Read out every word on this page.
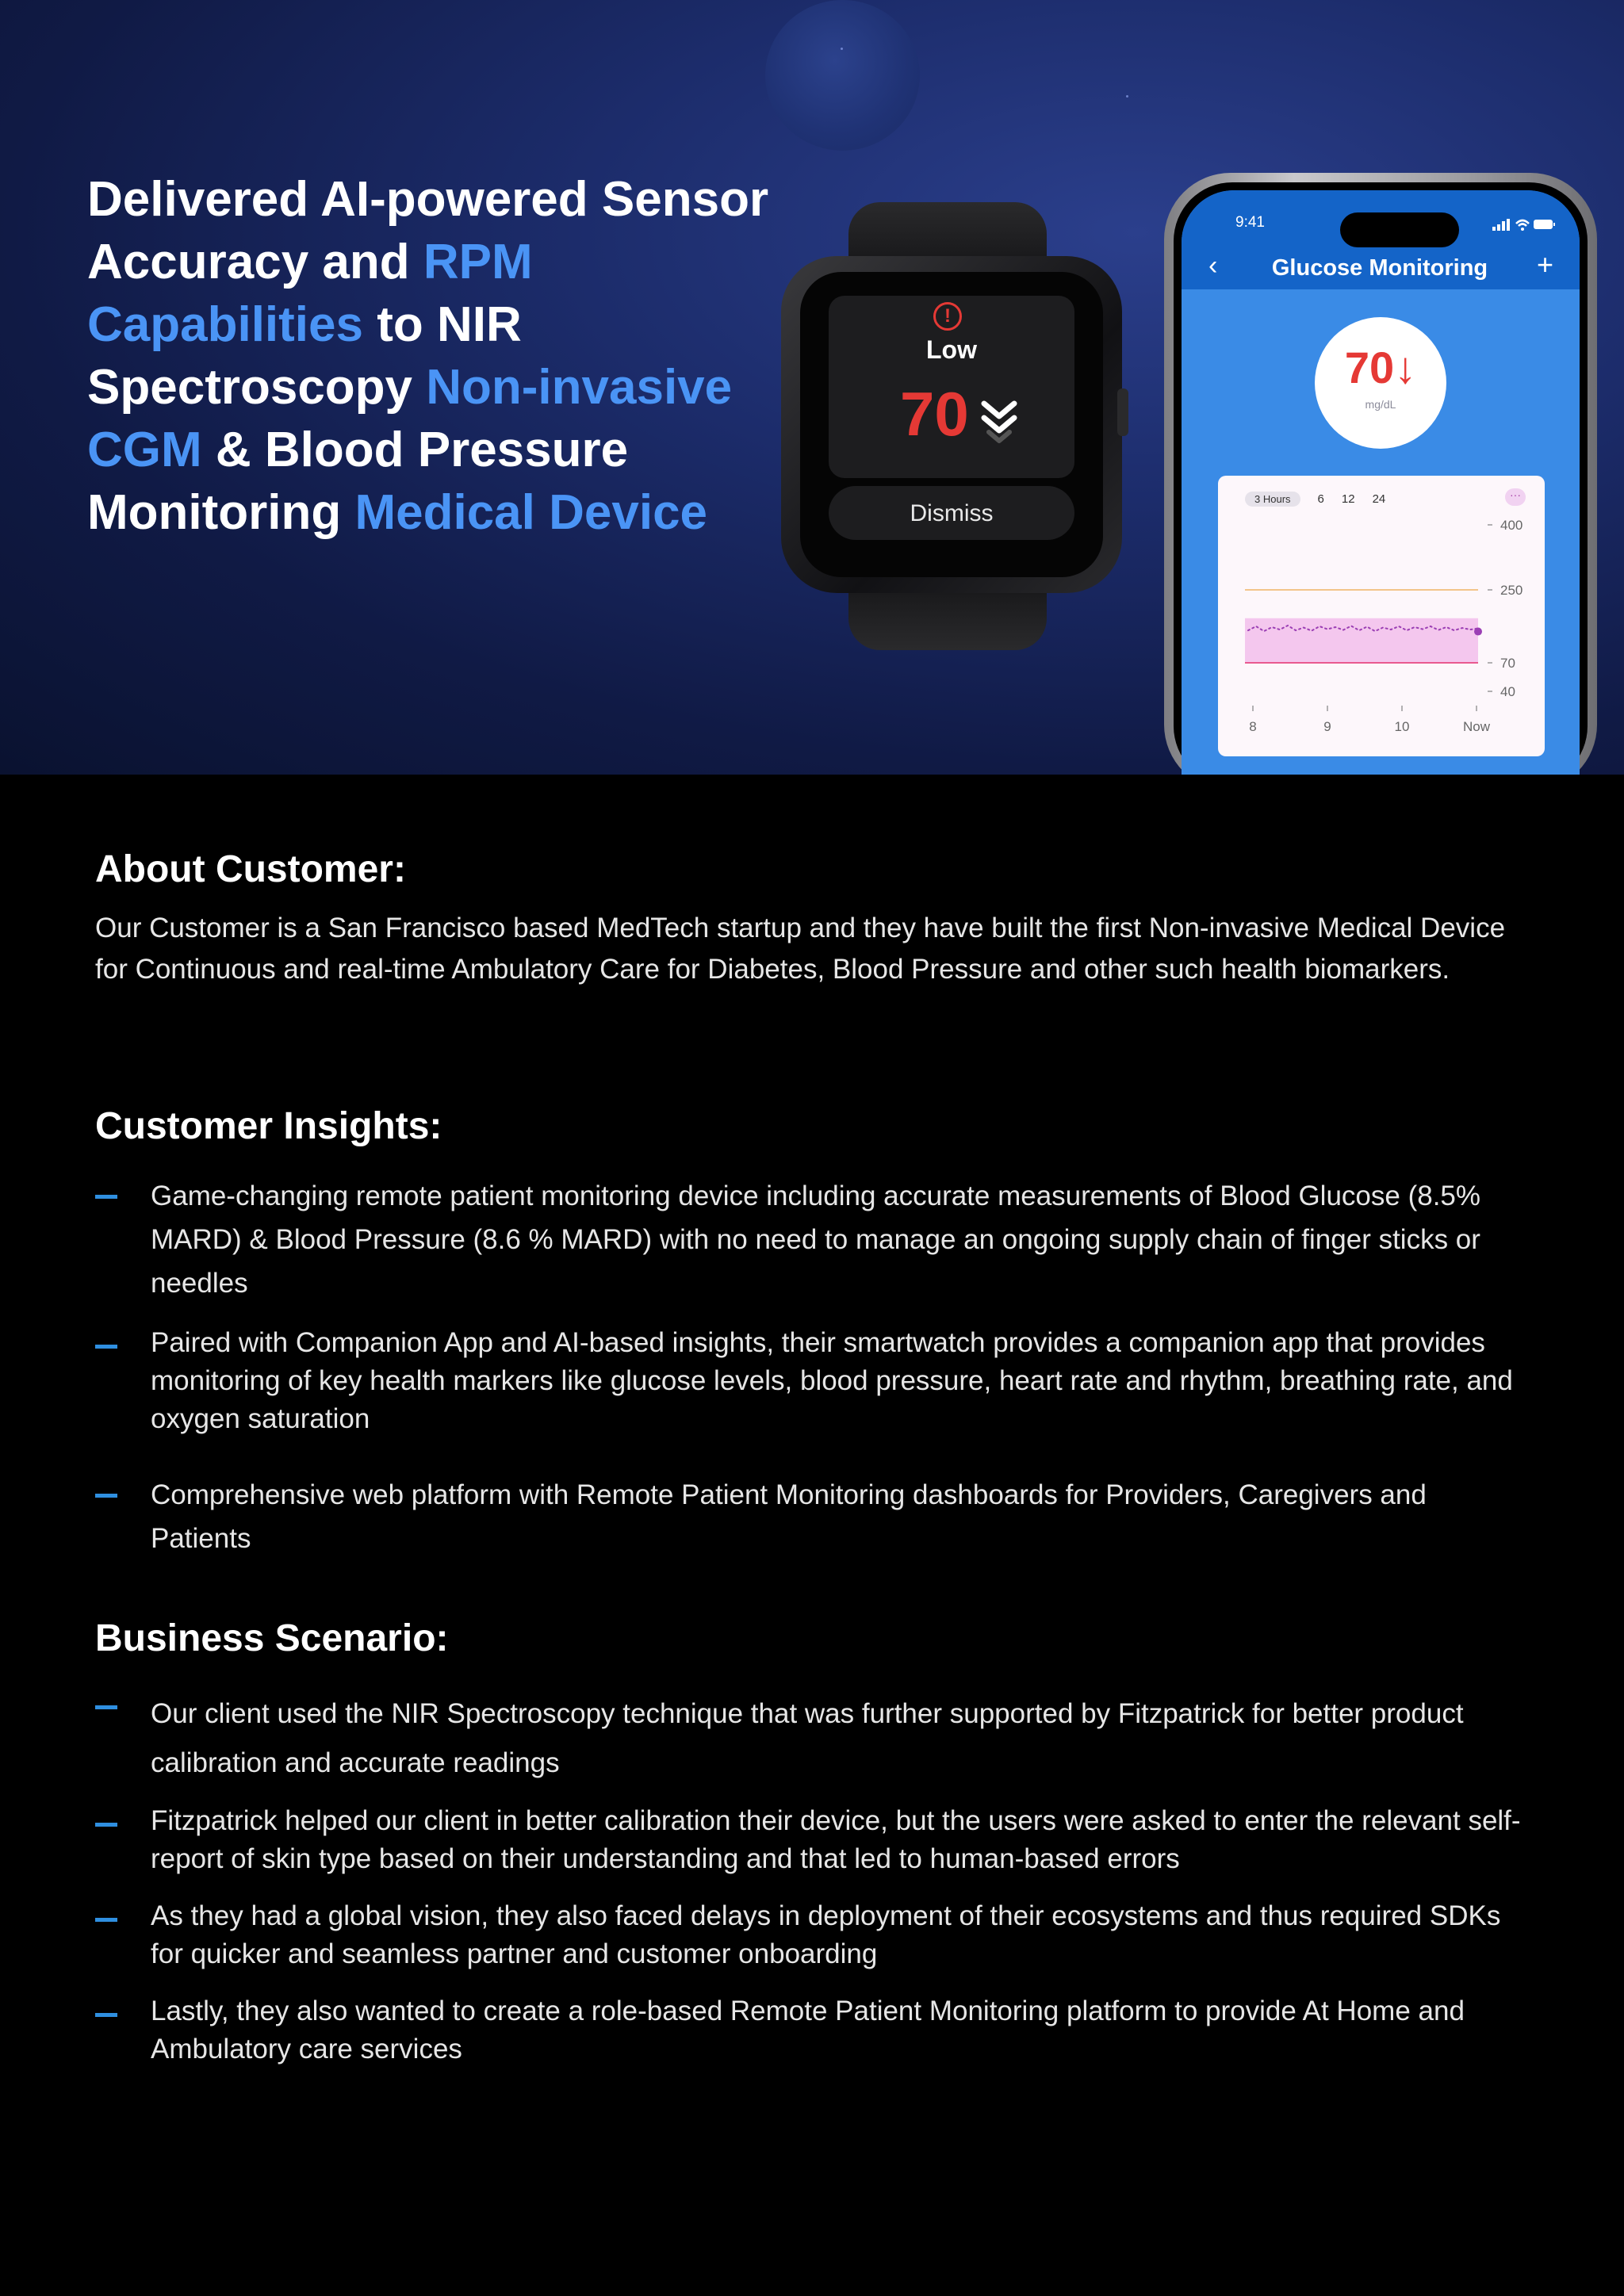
Delivered AI-powered Sensor Accuracy and RPM Capabilities to NIR Spectroscopy Non-invasive CGM & Blood Pressure Monitoring Medical Device
!
Low
70
Dismiss
9:41
‹	Glucose Monitoring	+
70↓
mg/dL
3 Hours	6 12 24	···
400
250
70
40
8	9	10	Now
About Customer:

Our Customer is a San Francisco based MedTech startup and they have built the first Non-invasive Medical Device for Continuous and real-time Ambulatory Care for Diabetes, Blood Pressure and other such health biomarkers.

Customer Insights:
Game-changing remote patient monitoring device including accurate measurements of Blood Glucose (8.5% MARD) & Blood Pressure (8.6 % MARD) with no need to manage an ongoing supply chain of finger sticks or needles
Paired with Companion App and AI-based insights, their smartwatch provides a companion app that provides monitoring of key health markers like glucose levels, blood pressure, heart rate and rhythm, breathing rate, and oxygen saturation
Comprehensive web platform with Remote Patient Monitoring dashboards for Providers, Caregivers and Patients
Business Scenario:
Our client used the NIR Spectroscopy technique that was further supported by Fitzpatrick for better product calibration and accurate readings
Fitzpatrick helped our client in better calibration their device, but the users were asked to enter the relevant self-report of skin type based on their understanding and that led to human-based errors
As they had a global vision, they also faced delays in deployment of their ecosystems and thus required SDKs for quicker and seamless partner and customer onboarding
Lastly, they also wanted to create a role-based Remote Patient Monitoring platform to provide At Home and Ambulatory care services
